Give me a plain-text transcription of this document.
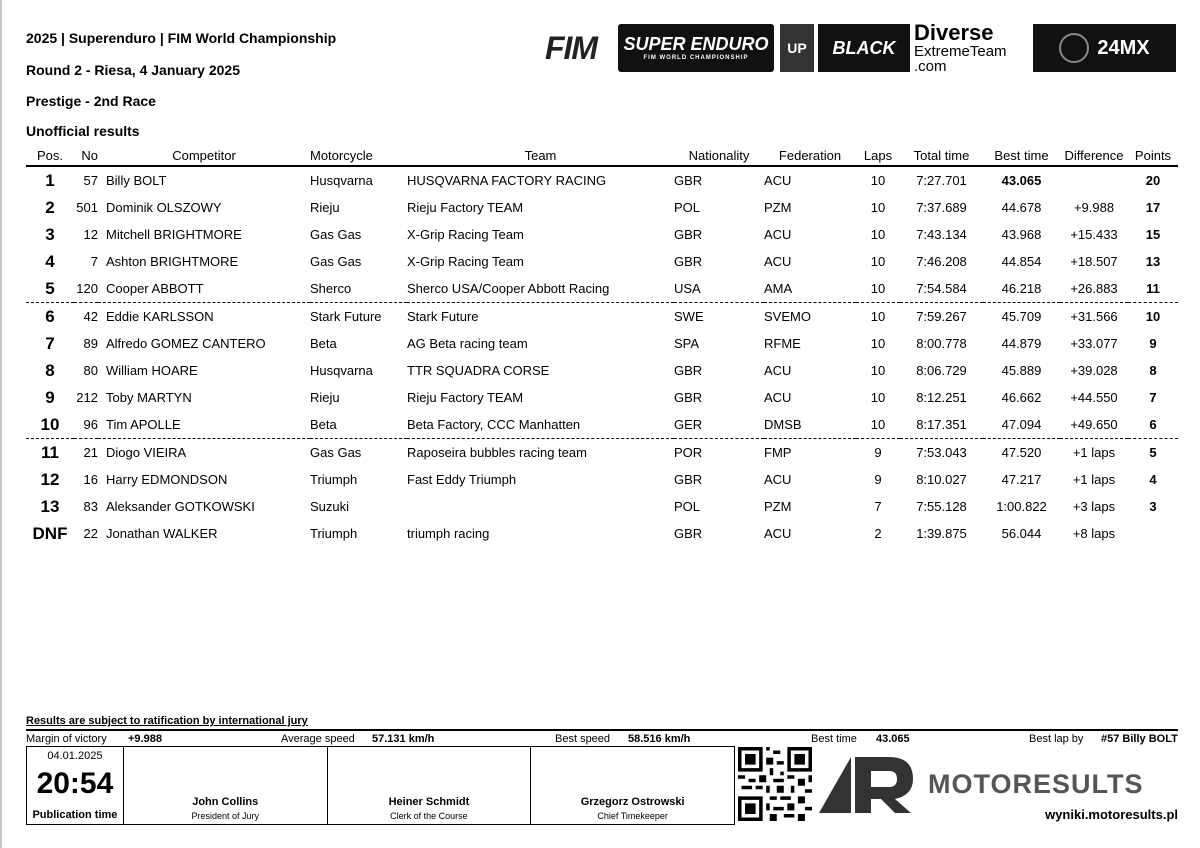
2025 | Superenduro | FIM World Championship
Round 2 - Riesa, 4 January 2025
Prestige - 2nd Race
Unofficial results
FIM	SUPER ENDURO
FIM WORLD CHAMPIONSHIP
UP	BLACK
Diverse
ExtremeTeam
.com
24MX
Pos.	No	Competitor	Motorcycle	Team	Nationality	Federation	Laps	Total time	Best time	Difference	Points
1	57	Billy BOLT	Husqvarna	HUSQVARNA FACTORY RACING	GBR	ACU	10	7:27.701	43.065		20
2	501	Dominik OLSZOWY	Rieju	Rieju Factory TEAM	POL	PZM	10	7:37.689	44.678	+9.988	17
3	12	Mitchell BRIGHTMORE	Gas Gas	X-Grip Racing Team	GBR	ACU	10	7:43.134	43.968	+15.433	15
4	7	Ashton BRIGHTMORE	Gas Gas	X-Grip Racing Team	GBR	ACU	10	7:46.208	44.854	+18.507	13
5	120	Cooper ABBOTT	Sherco	Sherco USA/Cooper Abbott Racing	USA	AMA	10	7:54.584	46.218	+26.883	11
6	42	Eddie KARLSSON	Stark Future	Stark Future	SWE	SVEMO	10	7:59.267	45.709	+31.566	10
7	89	Alfredo GOMEZ CANTERO	Beta	AG Beta racing team	SPA	RFME	10	8:00.778	44.879	+33.077	9
8	80	William HOARE	Husqvarna	TTR SQUADRA CORSE	GBR	ACU	10	8:06.729	45.889	+39.028	8
9	212	Toby MARTYN	Rieju	Rieju Factory TEAM	GBR	ACU	10	8:12.251	46.662	+44.550	7
10	96	Tim APOLLE	Beta	Beta Factory, CCC Manhatten	GER	DMSB	10	8:17.351	47.094	+49.650	6
11	21	Diogo VIEIRA	Gas Gas	Raposeira bubbles racing team	POR	FMP	9	7:53.043	47.520	+1 laps	5
12	16	Harry EDMONDSON	Triumph	Fast Eddy Triumph	GBR	ACU	9	8:10.027	47.217	+1 laps	4
13	83	Aleksander GOTKOWSKI	Suzuki		POL	PZM	7	7:55.128	1:00.822	+3 laps	3
DNF	22	Jonathan WALKER	Triumph	triumph racing	GBR	ACU	2	1:39.875	56.044	+8 laps	
Results are subject to ratification by international jury
Margin of victory +9.988	Average speed 57.131 km/h	Best speed 58.516 km/h	Best time 43.065	Best lap by #57 Billy BOLT
04.01.2025
20:54
Publication time
John Collins
President of Jury
Heiner Schmidt
Clerk of the Course
Grzegorz Ostrowski
Chief Timekeeper
MOTORESULTS
wyniki.motoresults.pl
